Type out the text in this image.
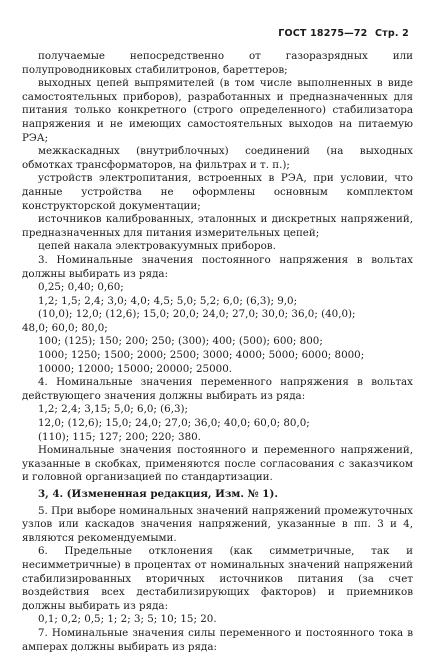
ГОСТ 18275—72 Стр. 2

получаемые непосредственно от газоразрядных или полупроводниковых стабилитронов, бареттеров;

выходных цепей выпрямителей (в том числе выполненных в виде самостоятельных приборов), разработанных и предназначенных для питания только конкретного (строго определенного) стабилизатора напряжения и не имеющих самостоятельных выходов на питаемую РЭА;

межкаскадных (внутриблочных) соединений (на выходных обмотках трансформаторов, на фильтрах и т. п.);

устройств электропитания, встроенных в РЭА, при условии, что данные устройства не оформлены основным комплектом конструкторской документации;

источников калиброванных, эталонных и дискретных напряжений, предназначенных для питания измерительных цепей;

цепей накала электровакуумных приборов.

3. Номинальные значения постоянного напряжения в вольтах должны выбирать из ряда:

0,25; 0,40; 0,60;

1,2; 1,5; 2,4; 3,0; 4,0; 4,5; 5,0; 5,2; 6,0; (6,3); 9,0;

(10,0); 12,0; (12,6); 15,0; 20,0; 24,0; 27,0; 30,0; 36,0; (40,0);

48,0; 60,0; 80,0;

100; (125); 150; 200; 250; (300); 400; (500); 600; 800;

1000; 1250; 1500; 2000; 2500; 3000; 4000; 5000; 6000; 8000;

10000; 12000; 15000; 20000; 25000.

4. Номинальные значения переменного напряжения в вольтах действующего значения должны выбирать из ряда:

1,2; 2,4; 3,15; 5,0; 6,0; (6,3);

12,0; (12,6); 15,0; 24,0; 27,0; 36,0; 40,0; 60,0; 80,0;

(110); 115; 127; 200; 220; 380.

Номинальные значения постоянного и переменного напряжений, указанные в скобках, применяются после согласования с заказчиком и головной организацией по стандартизации.

3, 4. (Измененная редакция, Изм. № 1).

5. При выборе номинальных значений напряжений промежуточных узлов или каскадов значения напряжений, указанные в пп. 3 и 4, являются рекомендуемыми.

6. Предельные отклонения (как симметричные, так и несимметричные) в процентах от номинальных значений напряжений стабилизированных вторичных источников питания (за счет воздействия всех дестабилизирующих факторов) и приемников должны выбирать из ряда:

0,1; 0,2; 0,5; 1; 2; 3; 5; 10; 15; 20.

7. Номинальные значения силы переменного и постоянного тока в амперах должны выбирать из ряда:
